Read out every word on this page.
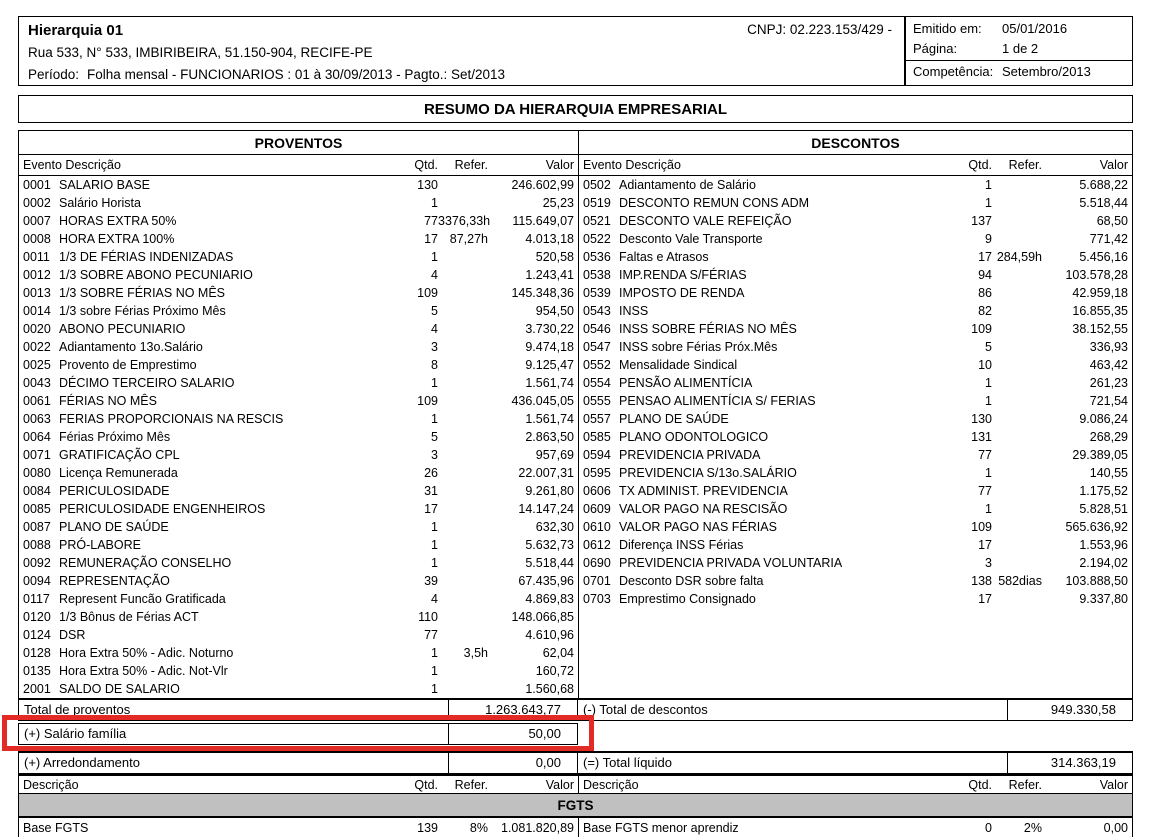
Hierarquia 01
Rua 533, N° 533, IMBIRIBEIRA, 51.150-904, RECIFE-PE
Período: Folha mensal - FUNCIONARIOS : 01 à 30/09/2013 - Pagto.: Set/2013
CNPJ: 02.223.153/429 -	Emitido em:	05/01/2016
Página:	1 de 2
Competência: Setembro/2013
RESUMO DA HIERARQUIA EMPRESARIAL
PROVENTOS	DESCONTOS
Evento Descrição	Qtd.	Refer.	Valor Evento Descrição	Qtd.	Refer.	Valor
0001 SALARIO BASE	130	246.602,99
0002 Salário Horista	1	25,23
0007 HORAS EXTRA 50%	77 3376,33h	115.649,07
0008 HORA EXTRA 100%	17 87,27h	4.013,18
0011 1/3 DE FÉRIAS INDENIZADAS	1	520,58
0012 1/3 SOBRE ABONO PECUNIARIO	4	1.243,41
0013 1/3 SOBRE FÉRIAS NO MÊS	109	145.348,36
0014 1/3 sobre Férias Próximo Mês	5	954,50
0020 ABONO PECUNIARIO	4	3.730,22
0022 Adiantamento 13o.Salário	3	9.474,18
0025 Provento de Emprestimo	8	9.125,47
0043 DÉCIMO TERCEIRO SALARIO	1	1.561,74
0061 FÉRIAS NO MÊS	109	436.045,05
0063 FERIAS PROPORCIONAIS NA RESCIS	1	1.561,74
0064 Férias Próximo Mês	5	2.863,50
0071 GRATIFICAÇÃO CPL	3	957,69
0080 Licença Remunerada	26	22.007,31
0084 PERICULOSIDADE	31	9.261,80
0085 PERICULOSIDADE ENGENHEIROS	17	14.147,24
0087 PLANO DE SAÚDE	1	632,30
0088 PRÓ-LABORE	1	5.632,73
0092 REMUNERAÇÃO CONSELHO	1	5.518,44
0094 REPRESENTAÇÃO	39	67.435,96
0117 Represent Funcão Gratificada	4	4.869,83
0120 1/3 Bônus de Férias ACT	110	148.066,85
0124 DSR	77	4.610,96
0128 Hora Extra 50% - Adic. Noturno	1	3,5h	62,04
0135 Hora Extra 50% - Adic. Not-Vlr	1	160,72
2001 SALDO DE SALARIO	1	1.560,68
0502 Adiantamento de Salário	1	5.688,22
0519 DESCONTO REMUN CONS ADM	1	5.518,44
0521 DESCONTO VALE REFEIÇÃO	137	68,50
0522 Desconto Vale Transporte	9	771,42
0536 Faltas e Atrasos	17 284,59h	5.456,16
0538 IMP.RENDA S/FÉRIAS	94	103.578,28
0539 IMPOSTO DE RENDA	86	42.959,18
0543 INSS	82	16.855,35
0546 INSS SOBRE FÉRIAS NO MÊS	109	38.152,55
0547 INSS sobre Férias Próx.Mês	5	336,93
0552 Mensalidade Sindical	10	463,42
0554 PENSÃO ALIMENTÍCIA	1	261,23
0555 PENSAO ALIMENTÍCIA S/ FERIAS	1	721,54
0557 PLANO DE SAÚDE	130	9.086,24
0585 PLANO ODONTOLOGICO	131	268,29
0594 PREVIDENCIA PRIVADA	77	29.389,05
0595 PREVIDENCIA S/13o.SALÁRIO	1	140,55
0606 TX ADMINIST. PREVIDENCIA	77	1.175,52
0609 VALOR PAGO NA RESCISÃO	1	5.828,51
0610 VALOR PAGO NAS FÉRIAS	109	565.636,92
0612 Diferença INSS Férias	17	1.553,96
0690 PREVIDENCIA PRIVADA VOLUNTARIA	3	2.194,02
0701 Desconto DSR sobre falta	138 582dias	103.888,50
0703 Emprestimo Consignado	17	9.337,80
Total de proventos	1.263.643,77	(-) Total de descontos	949.330,58
(+) Salário família	50,00
(+) Arredondamento	0,00	(=) Total líquido	314.363,19
Descrição	Qtd.	Refer.	Valor Descrição	Qtd.	Refer.	Valor
FGTS
Base FGTS	139	8%	1.081.820,89 Base FGTS menor aprendiz	0	2%	0,00
